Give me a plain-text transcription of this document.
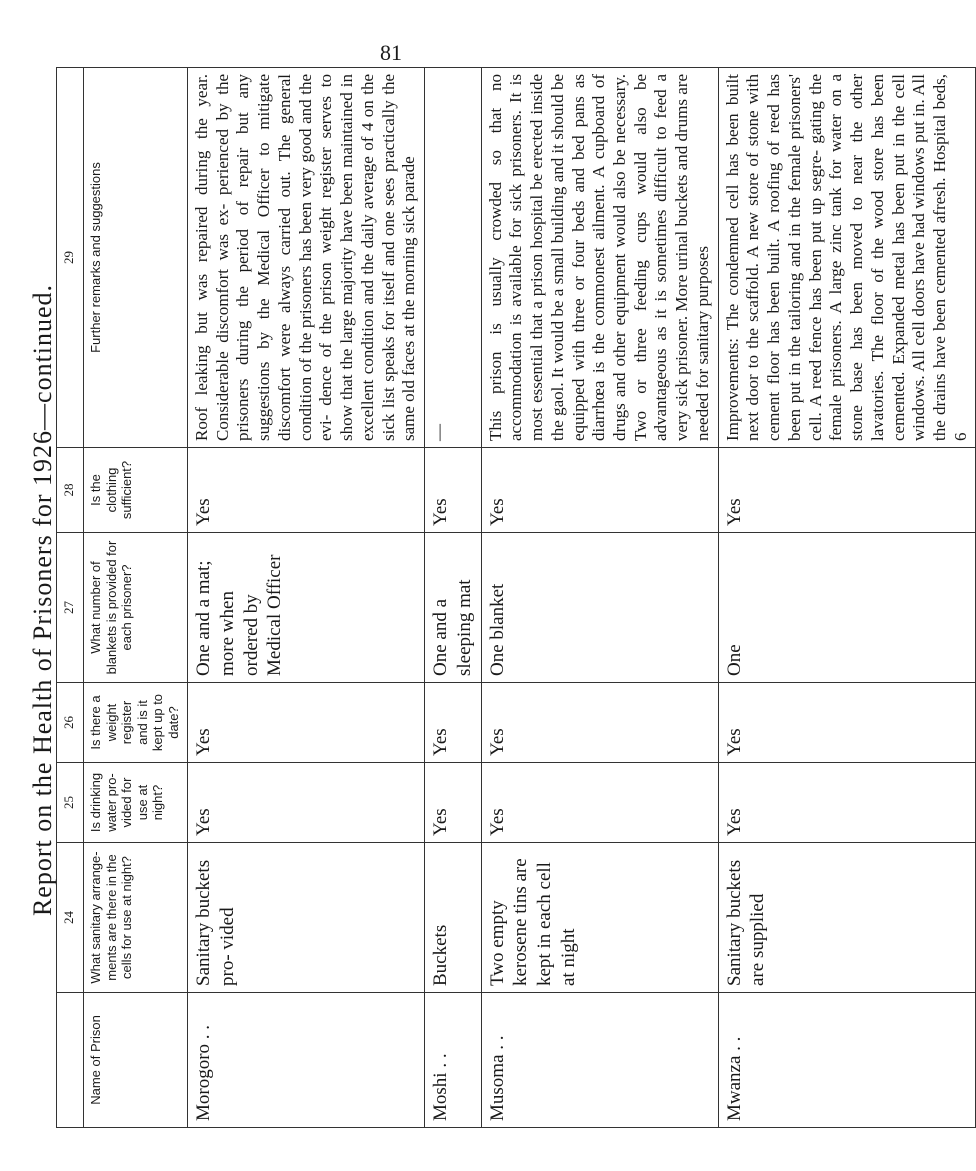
81
Report on the Health of Prisoners for 1926—continued.
	24	25	26	27	28	29
Name of Prison	What sanitary arrange- ments are there in the cells for use at night?	Is drinking water pro- vided for use at night?	Is there a weight register and is it kept up to date?	What number of blankets is provided for each prisoner?	Is the clothing sufficient?	Further remarks and suggestions
Morogoro . .	Sanitary buckets pro- vided	Yes	Yes	One and a mat; more when ordered by Medical Officer	Yes	Roof leaking but was repaired during the year. Considerable discomfort was ex- perienced by the prisoners during the period of repair but any suggestions by the Medical Officer to mitigate discomfort were always carried out. The general condition of the prisoners has been very good and the evi- dence of the prison weight register serves to show that the large majority have been maintained in excellent condition and the daily average of 4 on the sick list speaks for itself and one sees practically the same old faces at the morning sick parade
Moshi . .	Buckets	Yes	Yes	One and a sleeping mat	Yes	—
Musoma . .	Two empty kerosene tins are kept in each cell at night	Yes	Yes	One blanket	Yes	This prison is usually crowded so that no accommodation is available for sick prisoners. It is most essential that a prison hospital be erected inside the gaol. It would be a small building and it should be equipped with three or four beds and bed pans as diarrhœa is the commonest ailment. A cupboard of drugs and other equipment would also be necessary. Two or three feeding cups would also be advantageous as it is sometimes difficult to feed a very sick prisoner. More urinal buckets and drums are needed for sanitary purposes
Mwanza . .	Sanitary buckets are supplied	Yes	Yes	One	Yes	Improvements: The condemned cell has been built next door to the scaffold. A new store of stone with cement floor has been built. A roofing of reed has been put in the tailoring and in the female prisoners' cell. A reed fence has been put up segre- gating the female prisoners. A large zinc tank for water on a stone base has been moved to near the other lavatories. The floor of the wood store has been cemented. Expanded metal has been put in the cell windows. All cell doors have had windows put in. All the drains have been cemented afresh. Hospital beds, 6
